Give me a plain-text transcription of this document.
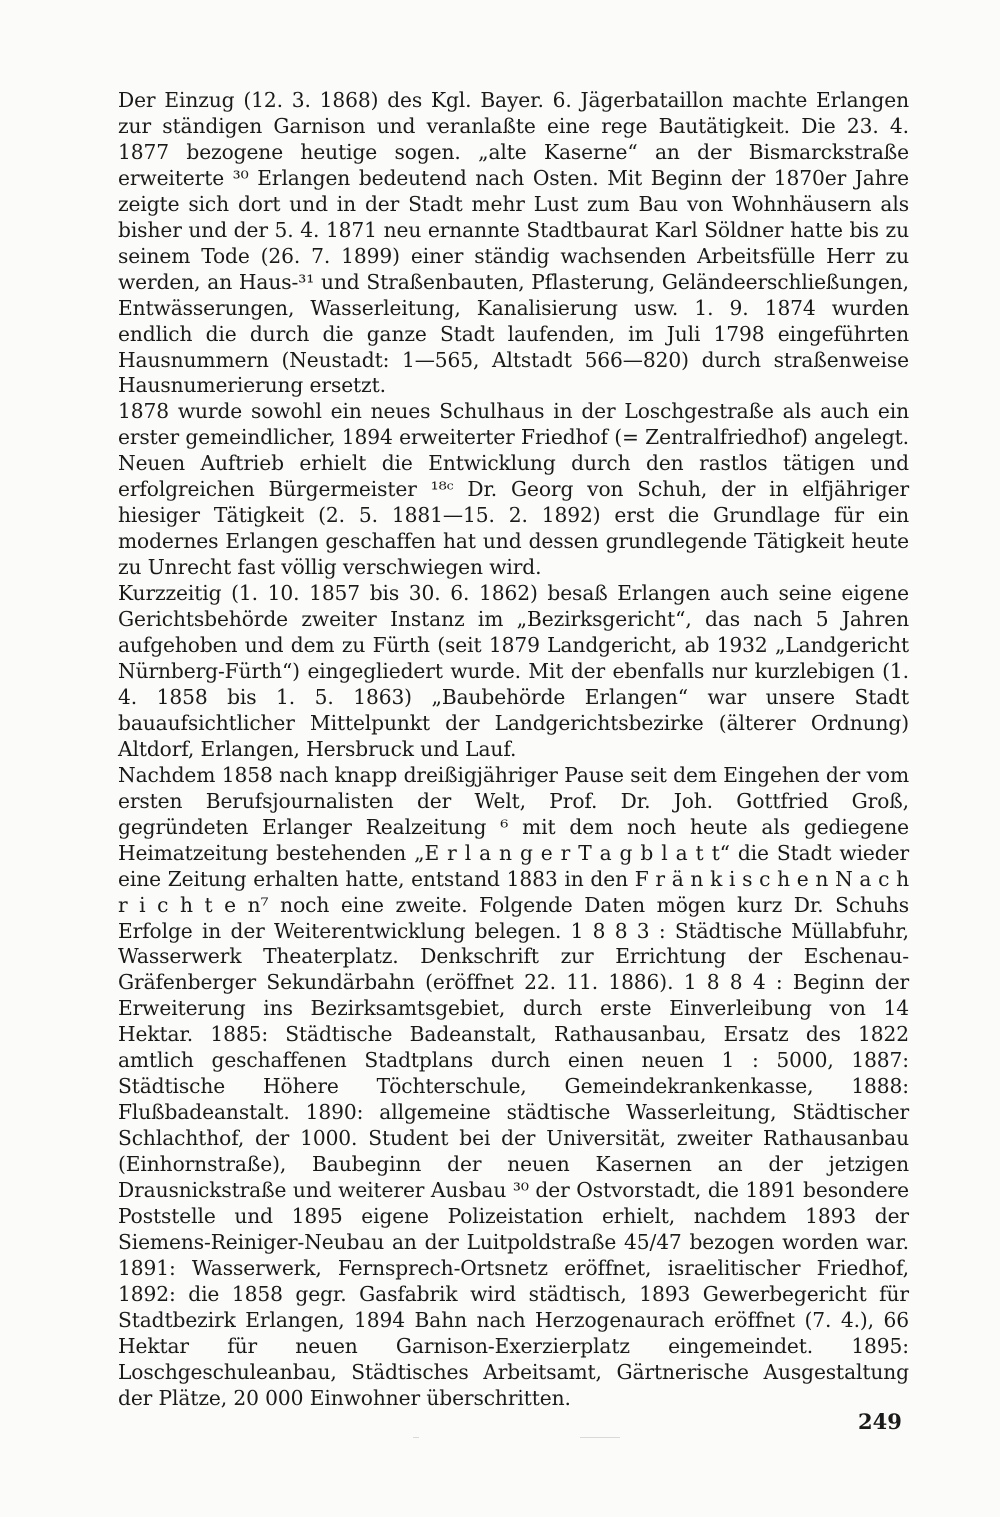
Der Einzug (12. 3. 1868) des Kgl. Bayer. 6. Jägerbataillon machte Erlangen zur ständigen Garnison und veranlaßte eine rege Bautätigkeit. Die 23. 4. 1877 bezogene heutige sogen. „alte Kaserne“ an der Bismarckstraße erweiterte ³⁰ Erlangen bedeutend nach Osten. Mit Beginn der 1870er Jahre zeigte sich dort und in der Stadt mehr Lust zum Bau von Wohnhäusern als bisher und der 5. 4. 1871 neu ernannte Stadtbaurat Karl Söldner hatte bis zu seinem Tode (26. 7. 1899) einer ständig wachsenden Arbeitsfülle Herr zu werden, an Haus-³¹ und Straßenbauten, Pflasterung, Geländeerschließungen, Entwässerungen, Wasserleitung, Kanalisierung usw. 1. 9. 1874 wurden endlich die durch die ganze Stadt laufenden, im Juli 1798 eingeführten Hausnummern (Neustadt: 1—565, Altstadt 566—820) durch straßenweise Hausnumerierung ersetzt.

1878 wurde sowohl ein neues Schulhaus in der Loschgestraße als auch ein erster gemeindlicher, 1894 erweiterter Friedhof (= Zentralfriedhof) angelegt. Neuen Auftrieb erhielt die Entwicklung durch den rastlos tätigen und erfolgreichen Bürgermeister ¹⁸ᶜ Dr. Georg von Schuh, der in elfjähriger hiesiger Tätigkeit (2. 5. 1881—15. 2. 1892) erst die Grundlage für ein modernes Erlangen geschaffen hat und dessen grundlegende Tätigkeit heute zu Unrecht fast völlig verschwiegen wird.

Kurzzeitig (1. 10. 1857 bis 30. 6. 1862) besaß Erlangen auch seine eigene Gerichtsbehörde zweiter Instanz im „Bezirksgericht“, das nach 5 Jahren aufgehoben und dem zu Fürth (seit 1879 Landgericht, ab 1932 „Landgericht Nürnberg-Fürth“) eingegliedert wurde. Mit der ebenfalls nur kurzlebigen (1. 4. 1858 bis 1. 5. 1863) „Baubehörde Erlangen“ war unsere Stadt bauaufsichtlicher Mittelpunkt der Landgerichtsbezirke (älterer Ordnung) Altdorf, Erlangen, Hersbruck und Lauf.

Nachdem 1858 nach knapp dreißigjähriger Pause seit dem Eingehen der vom ersten Berufsjournalisten der Welt, Prof. Dr. Joh. Gottfried Groß, gegründeten Erlanger Realzeitung ⁶ mit dem noch heute als gediegene Heimatzeitung bestehenden „E r l a n g e r T a g b l a t t“ die Stadt wieder eine Zeitung erhalten hatte, entstand 1883 in den F r ä n k i s c h e n N a c h r i c h t e n⁷ noch eine zweite. Folgende Daten mögen kurz Dr. Schuhs Erfolge in der Weiterentwicklung belegen. 1 8 8 3 : Städtische Müllabfuhr, Wasserwerk Theaterplatz. Denkschrift zur Errichtung der Eschenau-Gräfenberger Sekundärbahn (eröffnet 22. 11. 1886). 1 8 8 4 : Beginn der Erweiterung ins Bezirksamtsgebiet, durch erste Einverleibung von 14 Hektar. 1885: Städtische Badeanstalt, Rathausanbau, Ersatz des 1822 amtlich geschaffenen Stadtplans durch einen neuen 1 : 5000, 1887: Städtische Höhere Töchterschule, Gemeindekrankenkasse, 1888: Flußbadeanstalt. 1890: allgemeine städtische Wasserleitung, Städtischer Schlachthof, der 1000. Student bei der Universität, zweiter Rathausanbau (Einhornstraße), Baubeginn der neuen Kasernen an der jetzigen Drausnickstraße und weiterer Ausbau ³⁰ der Ostvorstadt, die 1891 besondere Poststelle und 1895 eigene Polizeistation erhielt, nachdem 1893 der Siemens-Reiniger-Neubau an der Luitpoldstraße 45/47 bezogen worden war. 1891: Wasserwerk, Fernsprech-Ortsnetz eröffnet, israelitischer Friedhof, 1892: die 1858 gegr. Gasfabrik wird städtisch, 1893 Gewerbegericht für Stadtbezirk Erlangen, 1894 Bahn nach Herzogenaurach eröffnet (7. 4.), 66 Hektar für neuen Garnison-Exerzierplatz eingemeindet. 1895: Loschgeschuleanbau, Städtisches Arbeitsamt, Gärtnerische Ausgestaltung der Plätze, 20 000 Einwohner überschritten.

249
